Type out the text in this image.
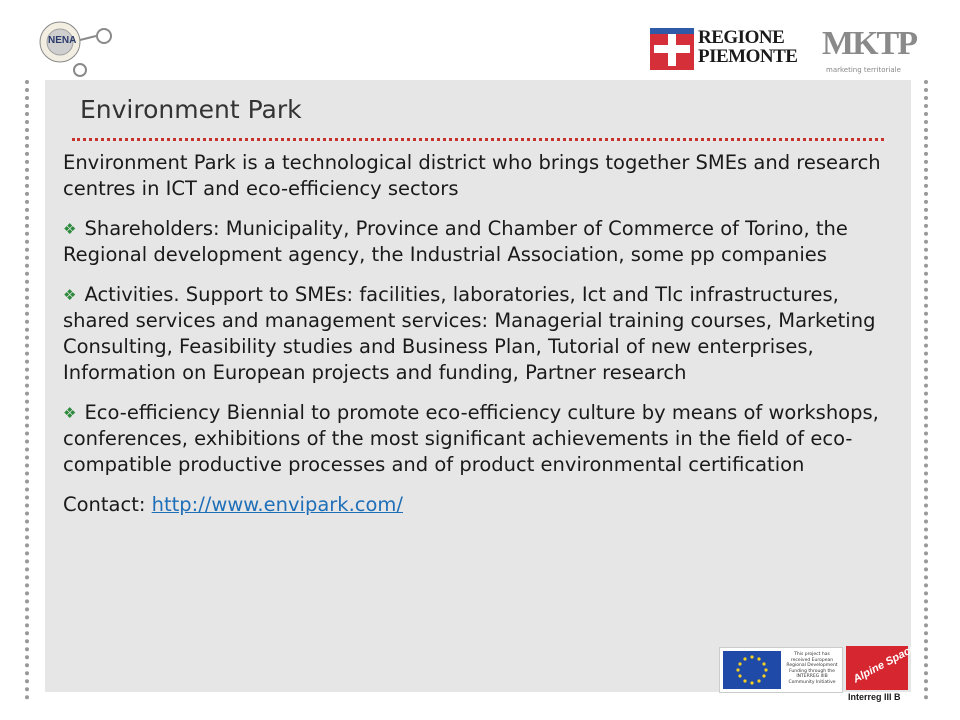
NENA	REGIONE
PIEMONTE MKTP
marketing territoriale
Environment Park

Environment Park is a technological district who brings together SMEs and research centres in ICT and eco-efficiency sectors

❖ Shareholders: Municipality, Province and Chamber of Commerce of Torino, the Regional development agency, the Industrial Association, some pp companies

❖ Activities. Support to SMEs: facilities, laboratories, Ict and Tlc infrastructures, shared services and management services: Managerial training courses, Marketing Consulting, Feasibility studies and Business Plan, Tutorial of new enterprises, Information on European projects and funding, Partner research

❖ Eco-efficiency Biennial to promote eco-efficiency culture by means of workshops, conferences, exhibitions of the most significant achievements in the field of eco-compatible productive processes and of product environmental certification

Contact: http://www.envipark.com/

This project has received European Regional Development Funding through the INTERREG IIIB Community Initiative	Alpine Space
Interreg III B
